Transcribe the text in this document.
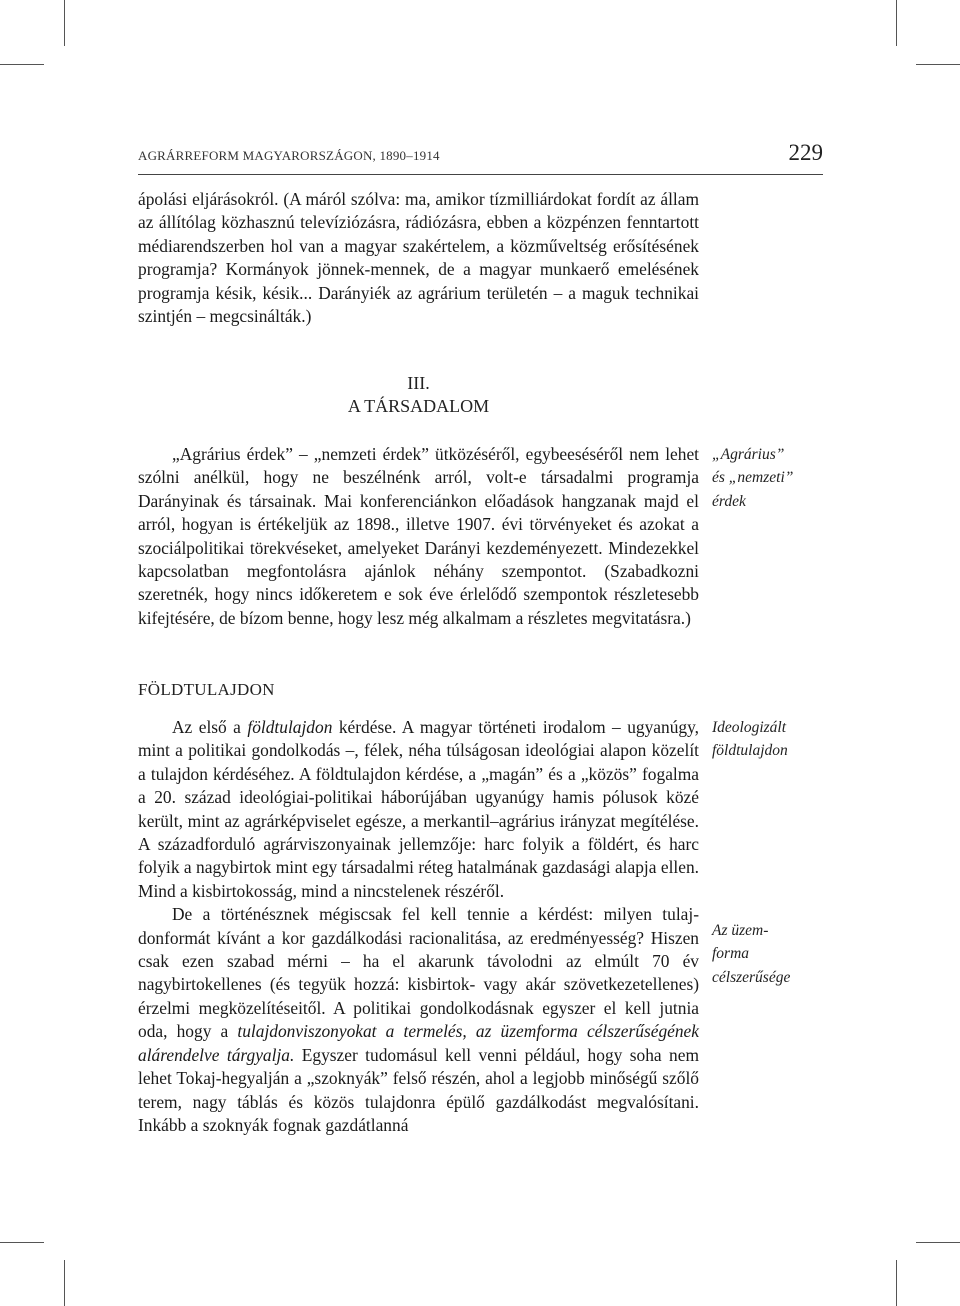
AGRÁRREFORM MAGYARORSZÁGON, 1890–1914	229

ápolási eljárásokról. (A máról szólva: ma, amikor tízmilliárdokat fordít az állam az állítólag közhasznú televíziózásra, rádiózásra, ebben a közpénzen fenntartott médiarendszerben hol van a magyar szakértelem, a közműveltség erősítésének programja? Kormányok jönnek-mennek, de a magyar munkaerő emelésének programja késik, késik... Darányiék az agrárium területén – a maguk technikai szintjén – megcsinálták.)

III.
A TÁRSADALOM

„Agrárius érdek” – „nemzeti érdek” ütközéséről, egybeeséséről nem lehet szólni anélkül, hogy ne beszélnénk arról, volt-e társadalmi programja Darányinak és társainak. Mai konferenciánkon előadások hangzanak majd el arról, hogyan is értékeljük az 1898., illetve 1907. évi törvényeket és azokat a szociálpolitikai törekvéseket, amelyeket Darányi kezdeményezett. Mindezekkel kapcsolatban megfontolásra ajánlok néhány szempontot. (Szabadkozni szeretnék, hogy nincs időkeretem e sok éve érlelődő szempontok részletesebb kifejtésére, de bízom benne, hogy lesz még alkalmam a részletes megvitatásra.)

„Agrárius”
és „nemzeti”
érdek
FÖLDTULAJDON

Az első a földtulajdon kérdése. A magyar történeti irodalom – ugyanúgy, mint a politikai gondolkodás –, félek, néha túlságosan ideológiai alapon közelít a tulajdon kérdéséhez. A földtulajdon kérdése, a „magán” és a „közös” fogalma a 20. század ideológiai-politikai háborújában ugyanúgy hamis pólusok közé került, mint az agrárképviselet egésze, a merkantil–agrárius irányzat megítélése. A századforduló agrárviszonyainak jellemzője: harc folyik a földért, és harc folyik a nagybirtok mint egy társadalmi réteg hatalmának gazdasági alapja ellen. Mind a kisbirtokosság, mind a nincstelenek részéről.

De a történésznek mégiscsak fel kell tennie a kérdést: milyen tulajdonformát kívánt a kor gazdálkodási racionalitása, az eredményesség? Hiszen csak ezen szabad mérni – ha el akarunk távolodni az elmúlt 70 év nagybirtokellenes (és tegyük hozzá: kisbirtok- vagy akár szövetkezetellenes) érzelmi megközelítéseitől. A politikai gondolkodásnak egyszer el kell jutnia oda, hogy a tulajdonviszonyokat a termelés, az üzemforma célszerűségének alárendelve tárgyalja. Egyszer tudomásul kell venni például, hogy soha nem lehet Tokaj-hegyalján a „szoknyák” felső részén, ahol a legjobb minőségű szőlő terem, nagy táblás és közös tulajdonra épülő gazdálkodást megvalósítani. Inkább a szoknyák fognak gazdátlanná

Ideologizált
földtulajdon
Az üzem-
forma
célszerűsége
